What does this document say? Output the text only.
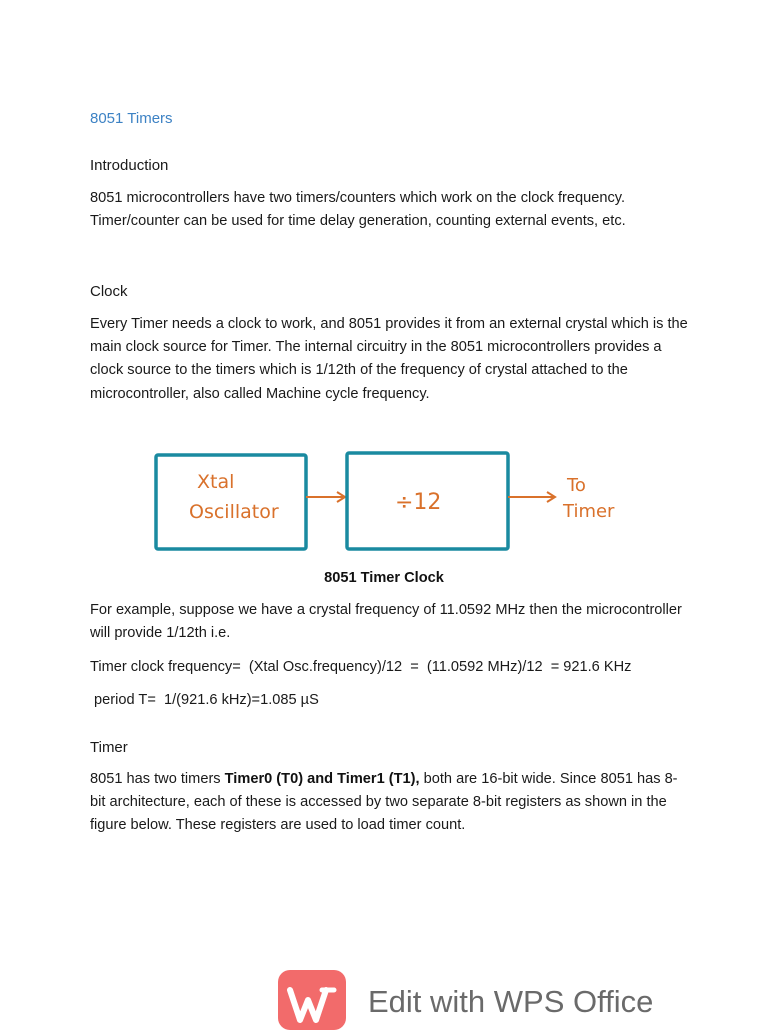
8051 Timers
Introduction
8051 microcontrollers have two timers/counters which work on the clock frequency. Timer/counter can be used for time delay generation, counting external events, etc.
Clock
Every Timer needs a clock to work, and 8051 provides it from an external crystal which is the main clock source for Timer. The internal circuitry in the 8051 microcontrollers provides a clock source to the timers which is 1/12th of the frequency of crystal attached to the microcontroller, also called Machine cycle frequency.
Xtal
Oscillator	÷12
To
Timer
8051 Timer Clock
For example, suppose we have a crystal frequency of 11.0592 MHz then the microcontroller will provide 1/12th i.e.
Timer clock frequency=  (Xtal Osc.frequency)/12  =  (11.0592 MHz)/12  = 921.6 KHz
period T=  1/(921.6 kHz)=1.085 µS
Timer
8051 has two timers Timer0 (T0) and Timer1 (T1), both are 16-bit wide. Since 8051 has 8-bit architecture, each of these is accessed by two separate 8-bit registers as shown in the figure below. These registers are used to load timer count.
Edit with WPS Office
